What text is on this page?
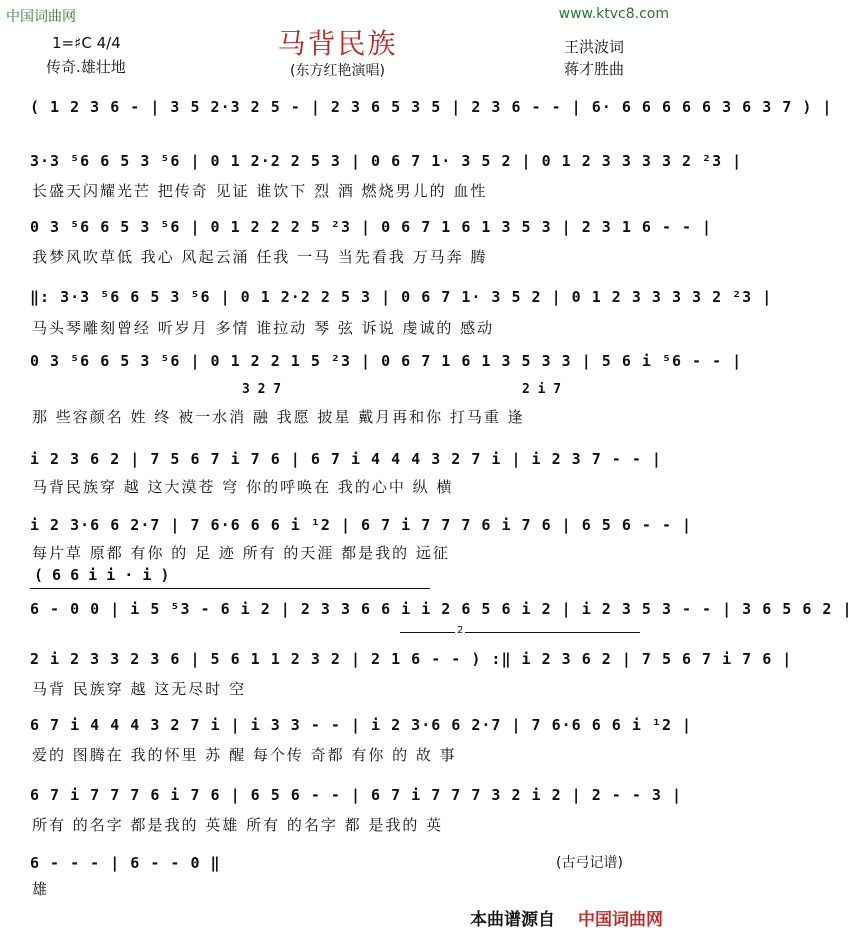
中国词曲网	www.ktvc8.com
马背民族
1=♯C 4/4
传奇.雄壮地	(东方红艳演唱)
王洪波词
蒋才胜曲
( 1 2 3 6 - | 3 5 2·3 2 5 - | 2 3 6 5 3 5 | 2 3 6 - - | 6· 6 6 6 6 6 3 6 3 7 ) |
3·3 ⁵6 6 5 3 ⁵6 | 0 1 2·2 2 5 3 | 0 6 7 1· 3 5 2 | 0 1 2 3 3 3 3 2 ²3 |
长盛天闪耀光芒 把传奇 见证 谁饮下 烈 酒 燃烧男儿的 血性
0 3 ⁵6 6 5 3 ⁵6 | 0 1 2 2 2 5 ²3 | 0 6 7 1 6 1 3 5 3 | 2 3 1 6 - - |
我梦风吹草低 我心 风起云涌 任我 一马 当先看我 万马奔 腾
‖: 3·3 ⁵6 6 5 3 ⁵6 | 0 1 2·2 2 5 3 | 0 6 7 1· 3 5 2 | 0 1 2 3 3 3 3 2 ²3 |
马头琴雕刻曾经 听岁月 多情 谁拉动 琴 弦 诉说 虔诚的 感动
0 3 ⁵6 6 5 3 ⁵6 | 0 1 2 2 1 5 ²3 | 0 6 7 1 6 1 3 5 3 3 | 5 6 i ⁵6 - - |
3 2 7	2 i 7
那 些容颜名 姓 终 被一水消 融 我愿 披星 戴月再和你 打马重 逢
i 2 3 6 2 | 7 5 6 7 i 7 6 | 6 7 i 4 4 4 3 2 7 i | i 2 3 7 - - |
马背民族穿 越 这大漠苍 穹 你的呼唤在 我的心中 纵 横
i 2 3·6 6 2·7 | 7 6·6 6 6 i ¹2 | 6 7 i 7 7 7 6 i 7 6 | 6 5 6 - - |
每片草 原都 有你 的 足 迹 所有 的天涯 都是我的 远征
( 6 6 i i · i )
6 - 0 0 | i 5 ⁵3 - 6 i 2 | 2 3 3 6 6 i i 2 6 5 6 i 2 | i 2 3 5 3 - - | 3 6 5 6 2 |
2
2 i 2 3 3 2 3 6 | 5 6 1 1 2 3 2 | 2 1 6 - - ) :‖ i 2 3 6 2 | 7 5 6 7 i 7 6 |
马背 民族穿 越 这无尽时 空
6 7 i 4 4 4 3 2 7 i | i 3 3 - - | i 2 3·6 6 2·7 | 7 6·6 6 6 i ¹2 |
爱的 图腾在 我的怀里 苏 醒 每个传 奇都 有你 的 故 事
6 7 i 7 7 7 6 i 7 6 | 6 5 6 - - | 6 7 i 7 7 7 3 2 i 2 | 2 - - 3 |
所有 的名字 都是我的 英雄 所有 的名字 都 是我的 英
6 - - - | 6 - - 0 ‖
雄
(古弓记谱)
本曲谱源自 中国词曲网
